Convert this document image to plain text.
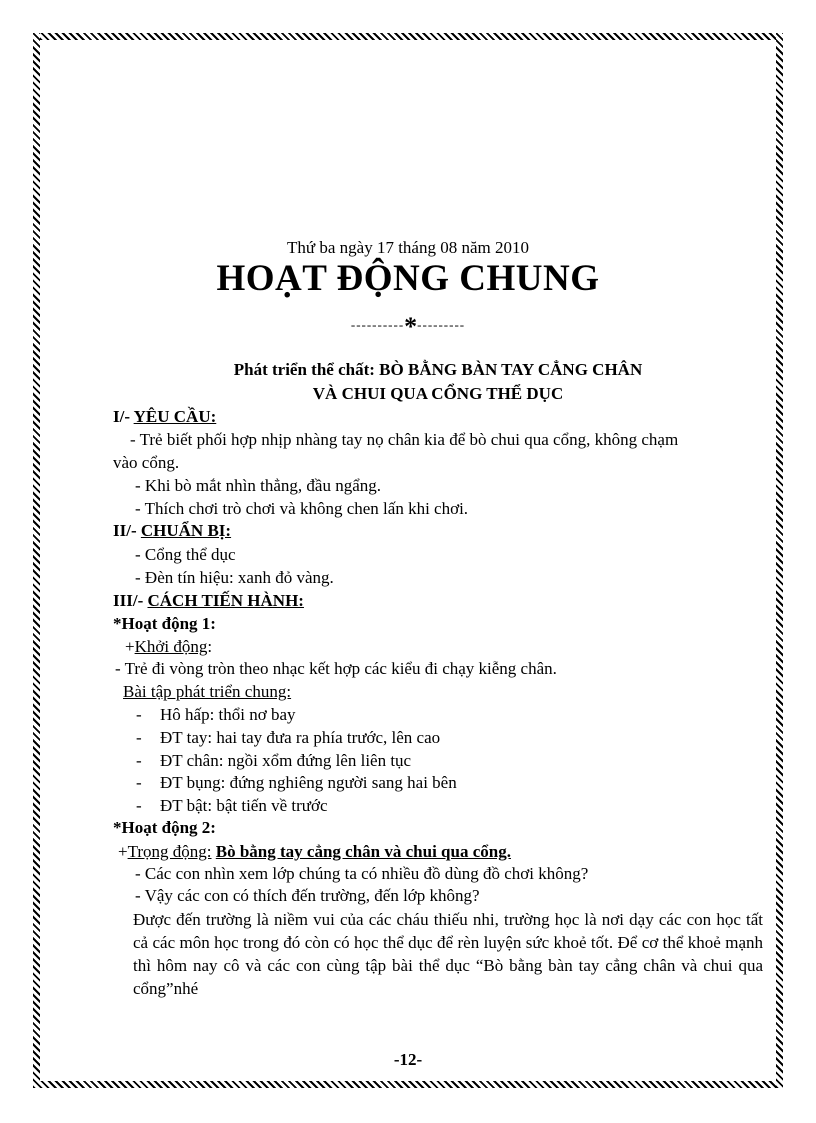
Thứ ba ngày 17 tháng 08 năm 2010
HOẠT ĐỘNG CHUNG
----------*---------
Phát triển thể chất: BÒ BẰNG BÀN TAY CẲNG CHÂN
VÀ CHUI QUA CỔNG THỂ DỤC
I/- YÊU CẦU:
- Trẻ biết phối hợp nhịp nhàng tay nọ chân kia để bò chui qua cổng, không chạm
vào cổng.
- Khi bò mắt nhìn thẳng, đầu ngẩng.
- Thích chơi trò chơi và không chen lấn khi chơi.
II/- CHUẨN BỊ:
- Cổng thể dục
- Đèn tín hiệu: xanh đỏ vàng.
III/- CÁCH TIẾN HÀNH:
*Hoạt động 1:
+Khởi động:
- Trẻ đi vòng tròn theo nhạc kết hợp các kiểu đi chạy kiễng chân.
Bài tập phát triển chung:
- Hô hấp: thổi nơ bay
- ĐT tay: hai tay đưa ra phía trước, lên cao
- ĐT chân: ngồi xổm đứng lên liên tục
- ĐT bụng: đứng nghiêng người sang hai bên
- ĐT bật: bật tiến về trước
*Hoạt động 2:
+Trọng động: Bò bằng tay cẳng chân và chui qua cổng.
- Các con nhìn xem lớp chúng ta có nhiều đồ dùng đồ chơi không?
- Vậy các con có thích đến trường, đến lớp không?
Được đến trường là niềm vui của các cháu thiếu nhi, trường học là nơi dạy các con học tất cả các môn học trong đó còn có học thể dục để rèn luyện sức khoẻ tốt. Để cơ thể khoẻ mạnh thì hôm nay cô và các con cùng tập bài thể dục “Bò bằng bàn tay cẳng chân và chui qua cổng”nhé
-12-
